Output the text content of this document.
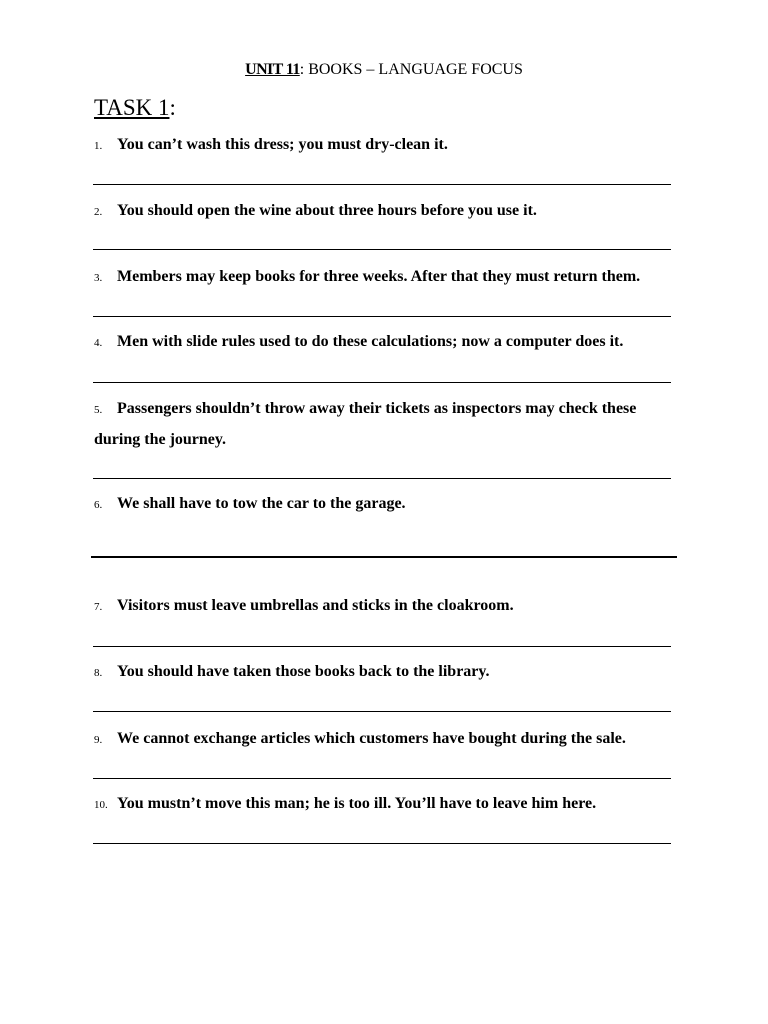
UNIT 11: BOOKS – LANGUAGE FOCUS
TASK 1:
1. You can’t wash this dress; you must dry-clean it.
2. You should open the wine about three hours before you use it.
3. Members may keep books for three weeks. After that they must return them.
4. Men with slide rules used to do these calculations; now a computer does it.
5. Passengers shouldn’t throw away their tickets as inspectors may check these during the journey.
6. We shall have to tow the car to the garage.
7. Visitors must leave umbrellas and sticks in the cloakroom.
8. You should have taken those books back to the library.
9. We cannot exchange articles which customers have bought during the sale.
10. You mustn’t move this man; he is too ill. You’ll have to leave him here.
